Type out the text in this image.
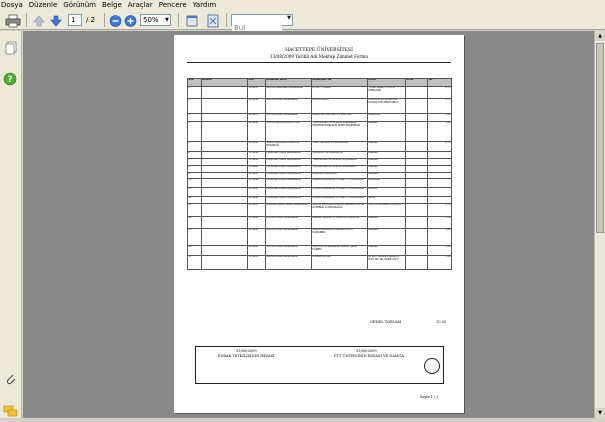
Dosya Düzenle Görünüm Belge Araçlar Pencere Yardım
1
/ 2	50% ▼
Bul	▼
?
HACETTEPE ÜNİVERSİTESİ
13/08/2009 Tarihli Adi Mektup Zimmet Formu
Sıra	Barkod	Sıra	Gönderen Birim	Gönderilen Yer	Adres	Ücret	Tut
1		33-4835	REKTÖR İNAKTANRİ BAŞKANLIĞI	DEVLET DOĞAN	T-KTAP SANAYİ L İSTESİ İRTİBAHAN		0.75
2		33-4836	REKTÖR İDARE BAŞKANLIĞI	NECATİ BASUL	CUMHURİYET MAHALLESİ GÜLPAŞ SOK AMNİ KONUT		0.75
3		33-4837	REKTÖR İDARE BAŞKANLIĞI	KURŞEHİR CUMHURİYET SAVCILIĞI	KURŞEHİR		1.10
4		33-4838	SOSYAL BİLİMLER ENSTİTÜSÜ	YÜKSEKÖĞRETİM KURULU BAŞKANLIĞI ÜNİVERSİTELERARASI KURUL BAŞKANLIĞI	ANKARA		1.60
5		33-4839	SAĞLIK BİLİMLERİ FAKÜLTESİ DEKANLIĞI	TÜRK TELEKOM İL MÜDÜRLÜĞÜ	ANKARA		0.75
6		33-4840	PERSONEL DAİRE BAŞKANLIĞI	ÇEKMEKÖY KAYMAKAMLIĞI	ANKARA		
7		33-4841	PERSONEL DAİRE BAŞKANLIĞI	YÜKSEKÖĞRETİM KURULU BAŞKANLIĞI	ANKARA		
8		33-4842	PERSONEL DAİRE BAŞKANLIĞI	YÜKSEKÖĞRETİM KURULU BAŞKANLIĞI	ANKARA		
9		33-4843	PERSONEL DAİRE BAŞKANLIĞI	DIŞİŞLERİ BAKANLIĞI	ANKARA		
10		33-4844	PERSONEL DAİRE BAŞKANLIĞI	İÇİŞLERİ BAKANLIĞI İL EMNİYET MÜDÜRLÜĞÜ	BALIKESİR		
11		33-4845	PERSONEL DAİRE BAŞKANLIĞI	İÇİŞLERİ BAKANLIĞI İL EMNİYET MÜDÜRLÜĞÜ	BİLECİK		
12		33-4846	PERSONEL DAİRE BAŞKANLIĞI	İÇİŞLERİ BAKANLIĞI İL EMNİYET MÜDÜRLÜĞÜ	SİNOP		
13		33-4847	ÖĞRENCİ İŞLERİ DAİRE BAŞKANLIĞI	SOSYAL GÜVENLİK KURUMU ANKARA SOSYAL GÜVENLİK İL MÜDÜRLÜĞÜ	SOSYAL GÜVENLİK MERKEZİ		0.75
14		33-4848	REKTÖR İDARE BAŞKANLIĞI	ANKARA VALİLİĞİ İL SAĞLIK MÜDÜRLÜĞÜ	ANKARA		1.10
15		33-4849	REKTÖR İDARE BAŞKANLIĞI	SAĞLIK BAKANLIĞI ANKARA DEVLET HASTANESİ	ANKARA		1.10
16		33-4850	REKTÖR İDARE BAŞKANLIĞI	MİLLİ EĞİTİM BAKANLIĞI SAĞLIK İŞLERİ DAİRESİ	ANKARA		1.10
17		33-4851	REKTÖR İDARE BAŞKANLIĞI	DOĞAN SOSYAL	DEVLET CADDESİ KADIKÖY MAH. NO 161 DAİRE ATP 3		1.10
GENEL TOPLAM	10.55
13/08/2009	13/08/2009
EVRAK YETKİLİSİNİN İMZASI	PTT ÜNİTESİNİN İMZASI VE DAMGA
Sayfa 1 / 2
▲
▼
